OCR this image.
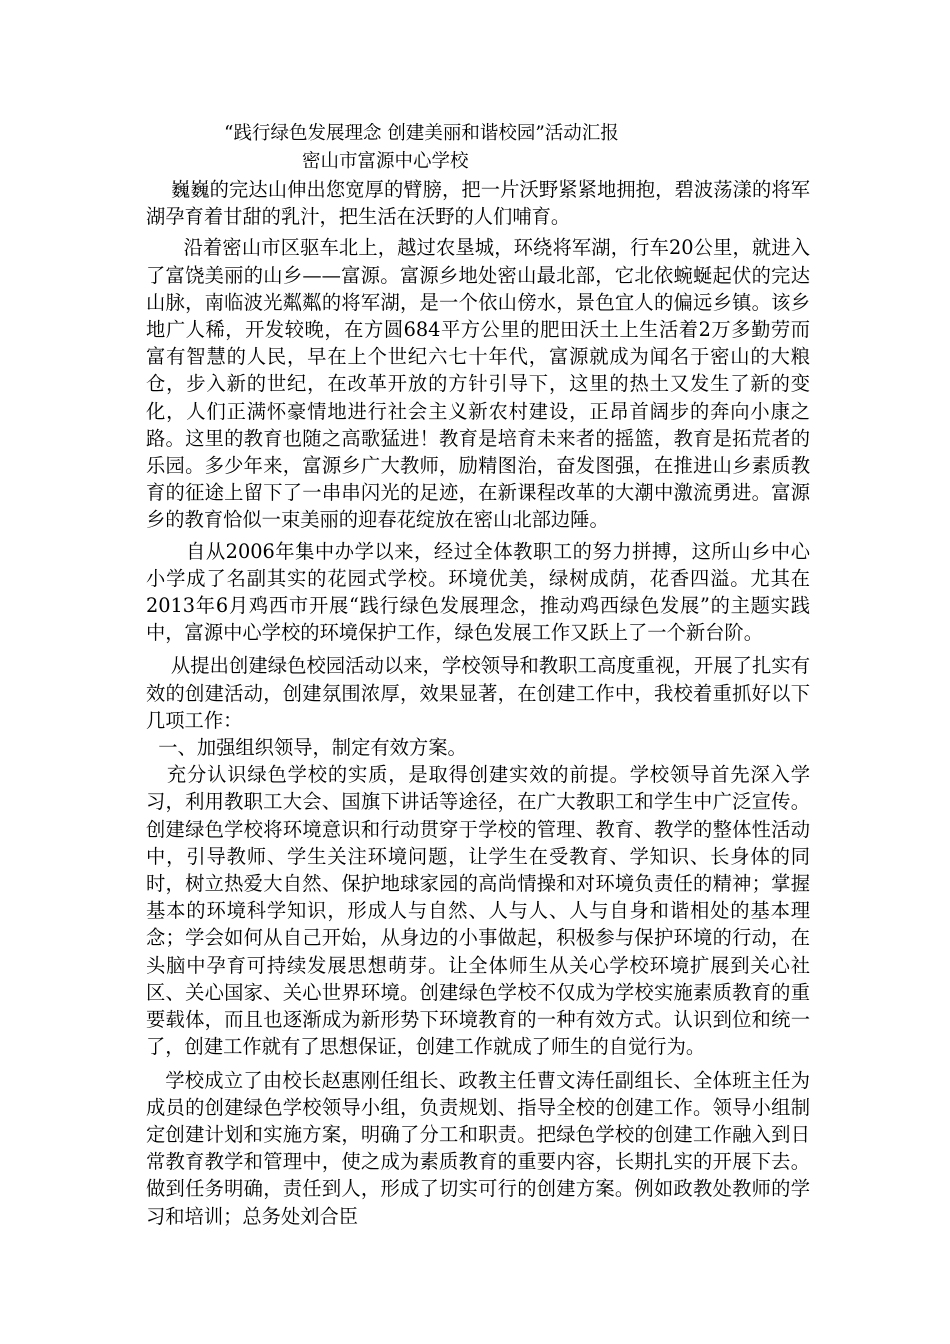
“践行绿色发展理念 创建美丽和谐校园”活动汇报
密山市富源中心学校

巍巍的完达山伸出您宽厚的臂膀，把一片沃野紧紧地拥抱，碧波荡漾的将军湖孕育着甘甜的乳汁，把生活在沃野的人们哺育。

沿着密山市区驱车北上，越过农垦城，环绕将军湖，行车20公里，就进入了富饶美丽的山乡——富源。富源乡地处密山最北部，它北依蜿蜒起伏的完达山脉，南临波光粼粼的将军湖，是一个依山傍水，景色宜人的偏远乡镇。该乡地广人稀，开发较晚，在方圆684平方公里的肥田沃土上生活着2万多勤劳而富有智慧的人民，早在上个世纪六七十年代，富源就成为闻名于密山的大粮仓，步入新的世纪，在改革开放的方针引导下，这里的热土又发生了新的变化，人们正满怀豪情地进行社会主义新农村建设，正昂首阔步的奔向小康之路。这里的教育也随之高歌猛进！教育是培育未来者的摇篮，教育是拓荒者的乐园。多少年来，富源乡广大教师，励精图治，奋发图强，在推进山乡素质教育的征途上留下了一串串闪光的足迹，在新课程改革的大潮中激流勇进。富源乡的教育恰似一束美丽的迎春花绽放在密山北部边陲。

自从2006年集中办学以来，经过全体教职工的努力拼搏，这所山乡中心小学成了名副其实的花园式学校。环境优美，绿树成荫，花香四溢。尤其在2013年6月鸡西市开展“践行绿色发展理念，推动鸡西绿色发展”的主题实践中，富源中心学校的环境保护工作，绿色发展工作又跃上了一个新台阶。

从提出创建绿色校园活动以来，学校领导和教职工高度重视，开展了扎实有效的创建活动，创建氛围浓厚，效果显著，在创建工作中，我校着重抓好以下几项工作：

一、加强组织领导，制定有效方案。

充分认识绿色学校的实质，是取得创建实效的前提。学校领导首先深入学习，利用教职工大会、国旗下讲话等途径，在广大教职工和学生中广泛宣传。创建绿色学校将环境意识和行动贯穿于学校的管理、教育、教学的整体性活动中，引导教师、学生关注环境问题，让学生在受教育、学知识、长身体的同时，树立热爱大自然、保护地球家园的高尚情操和对环境负责任的精神；掌握基本的环境科学知识，形成人与自然、人与人、人与自身和谐相处的基本理念；学会如何从自己开始，从身边的小事做起，积极参与保护环境的行动，在头脑中孕育可持续发展思想萌芽。让全体师生从关心学校环境扩展到关心社区、关心国家、关心世界环境。创建绿色学校不仅成为学校实施素质教育的重要载体，而且也逐渐成为新形势下环境教育的一种有效方式。认识到位和统一了，创建工作就有了思想保证，创建工作就成了师生的自觉行为。

学校成立了由校长赵惠刚任组长、政教主任曹文涛任副组长、全体班主任为成员的创建绿色学校领导小组，负责规划、指导全校的创建工作。领导小组制定创建计划和实施方案，明确了分工和职责。把绿色学校的创建工作融入到日常教育教学和管理中，使之成为素质教育的重要内容，长期扎实的开展下去。做到任务明确，责任到人，形成了切实可行的创建方案。例如政教处教师的学习和培训；总务处刘合臣
